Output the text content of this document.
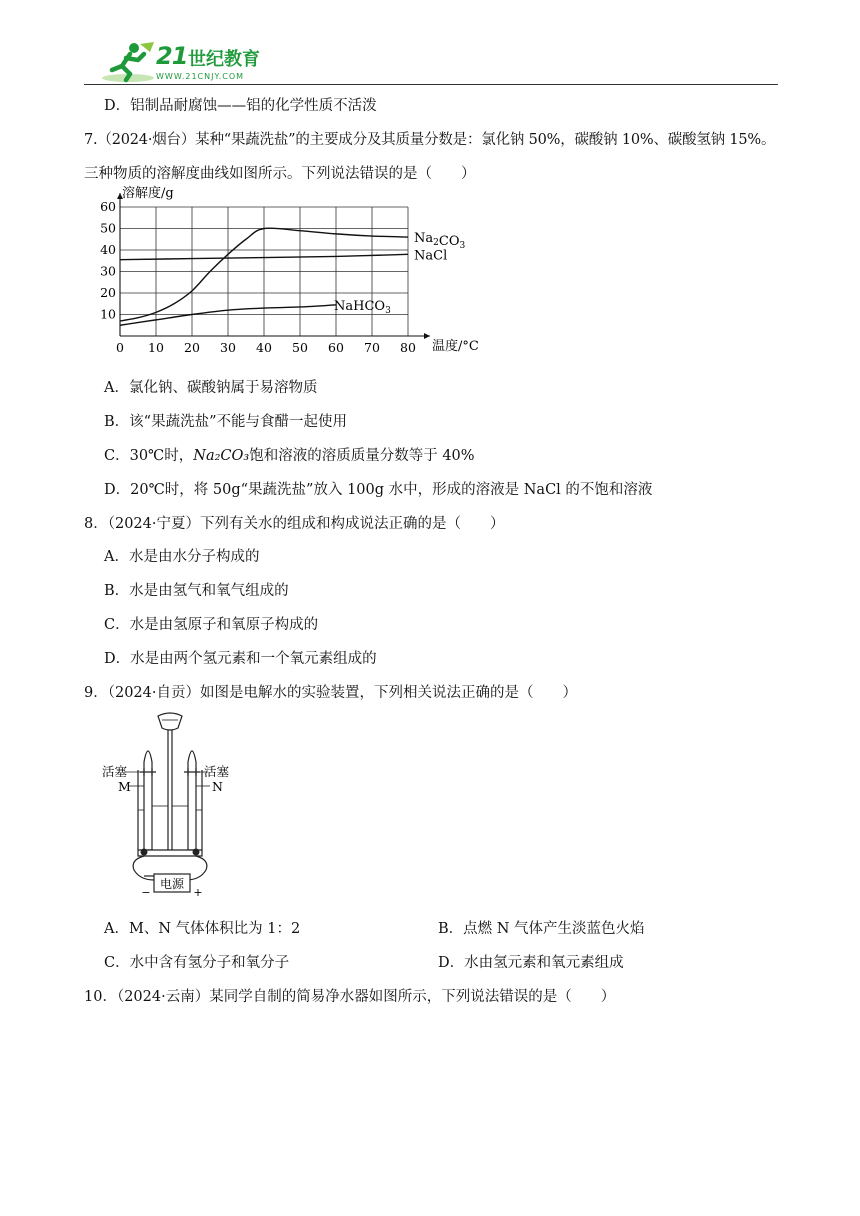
21 世纪教育
WWW.21CNJY.COM
D．铝制品耐腐蚀——铝的化学性质不活泼
7.（2024·烟台）某种“果蔬洗盐”的主要成分及其质量分数是：氯化钠 50%，碳酸钠 10%、碳酸氢钠 15%。
三种物质的溶解度曲线如图所示。下列说法错误的是（　　）
0 10 20 30 40 50 60 70 80
10
20
30
40
50
60
溶解度/g
温度/°C
$Na_2CO_3$
NaCl
NaHCO$_3$
A．氯化钠、碳酸钠属于易溶物质
B．该“果蔬洗盐”不能与食醋一起使用
C．30℃时，Na₂CO₃饱和溶液的溶质质量分数等于 40%
D．20℃时，将 50g“果蔬洗盐”放入 100g 水中，形成的溶液是 NaCl 的不饱和溶液
8．（2024·宁夏）下列有关水的组成和构成说法正确的是（　　）
A．水是由水分子构成的
B．水是由氢气和氧气组成的
C．水是由氢原子和氧原子构成的
D．水是由两个氢元素和一个氧元素组成的
9．（2024·自贡）如图是电解水的实验装置，下列相关说法正确的是（　　）
电源
−	+
活塞	活塞
M	N
A．M、N 气体体积比为 1：2	B．点燃 N 气体产生淡蓝色火焰
C．水中含有氢分子和氧分子	D．水由氢元素和氧元素组成
10．（2024·云南）某同学自制的简易净水器如图所示，下列说法错误的是（　　）
